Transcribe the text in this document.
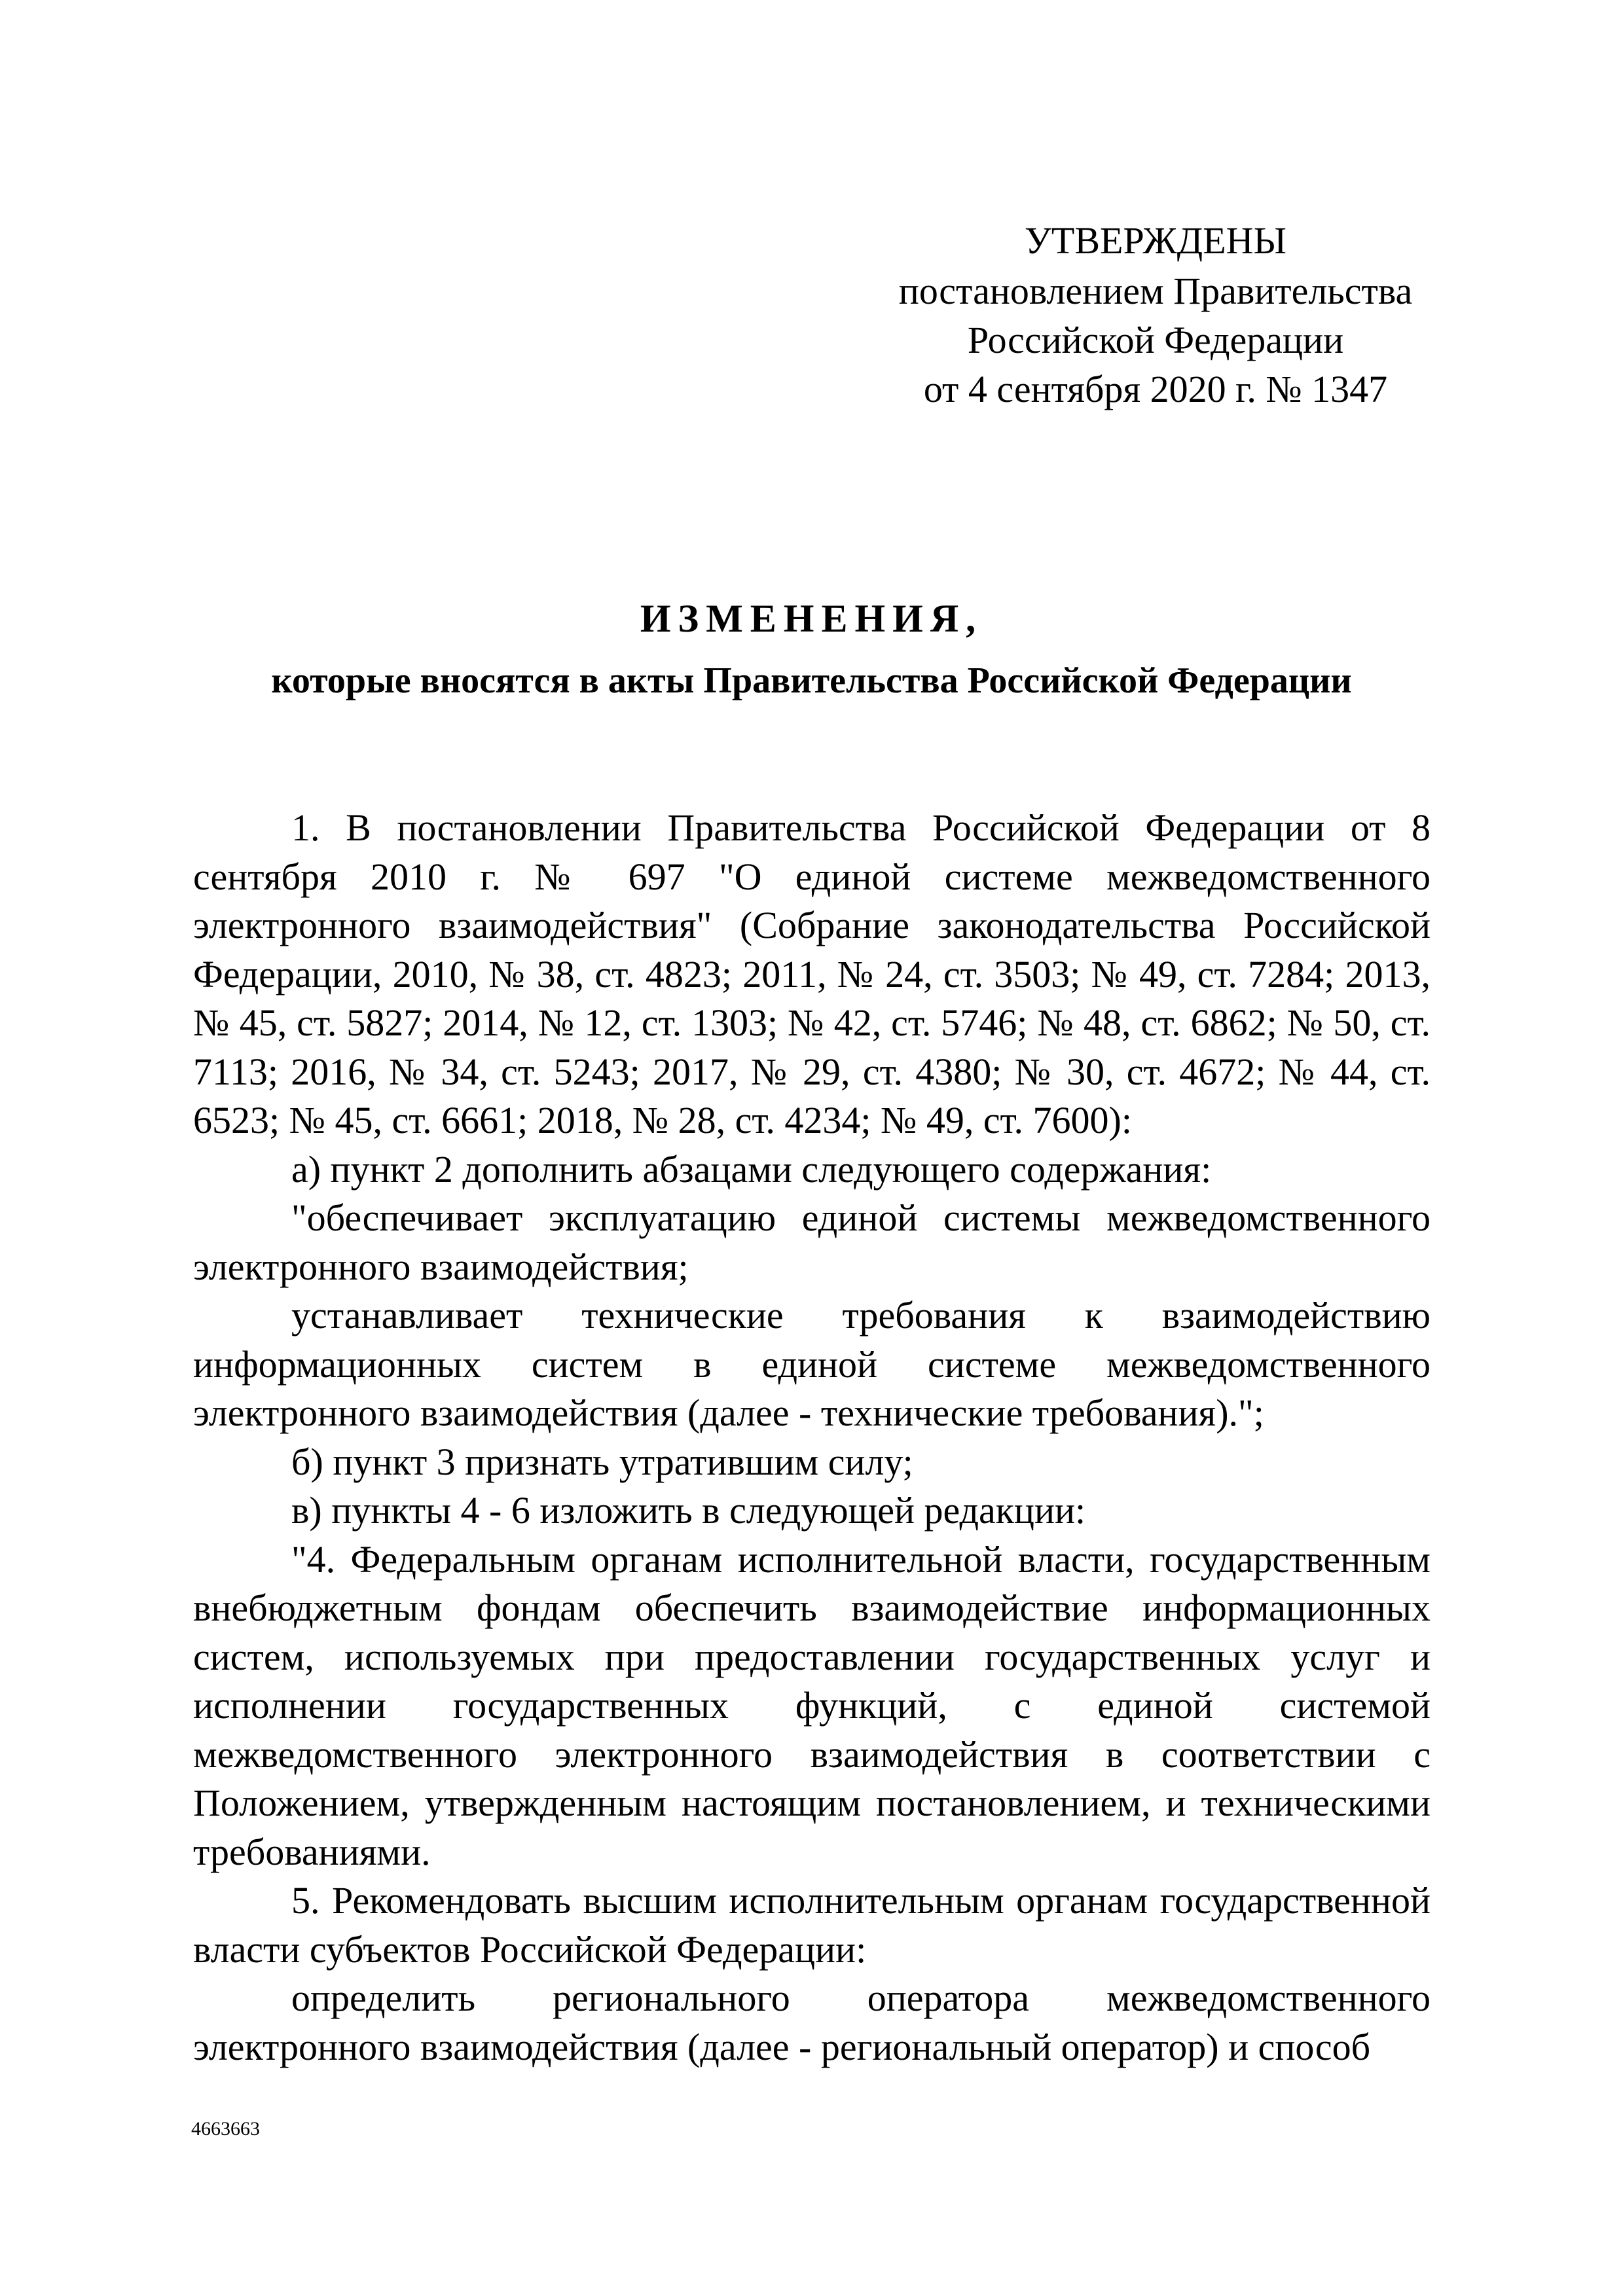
УТВЕРЖДЕНЫ
постановлением Правительства
Российской Федерации
от 4 сентября 2020 г. № 1347
ИЗМЕНЕНИЯ,
которые вносятся в акты Правительства Российской Федерации

1. В постановлении Правительства Российской Федерации от 8 сентября 2010 г. № 697 "О единой системе межведомственного электронного взаимодействия" (Собрание законодательства Российской Федерации, 2010, № 38, ст. 4823; 2011, № 24, ст. 3503; № 49, ст. 7284; 2013, № 45, ст. 5827; 2014, № 12, ст. 1303; № 42, ст. 5746; № 48, ст. 6862; № 50, ст. 7113; 2016, № 34, ст. 5243; 2017, № 29, ст. 4380; № 30, ст. 4672; № 44, ст. 6523; № 45, ст. 6661; 2018, № 28, ст. 4234; № 49, ст. 7600):

а) пункт 2 дополнить абзацами следующего содержания:

"обеспечивает эксплуатацию единой системы межведомственного электронного взаимодействия;

устанавливает технические требования к взаимодействию информационных систем в единой системе межведомственного электронного взаимодействия (далее - технические требования).";

б) пункт 3 признать утратившим силу;

в) пункты 4 - 6 изложить в следующей редакции:

"4. Федеральным органам исполнительной власти, государственным внебюджетным фондам обеспечить взаимодействие информационных систем, используемых при предоставлении государственных услуг и исполнении государственных функций, с единой системой межведомственного электронного взаимодействия в соответствии с Положением, утвержденным настоящим постановлением, и техническими требованиями.

5. Рекомендовать высшим исполнительным органам государственной власти субъектов Российской Федерации:

определить регионального оператора межведомственного электронного взаимодействия (далее - региональный оператор) и способ

4663663
